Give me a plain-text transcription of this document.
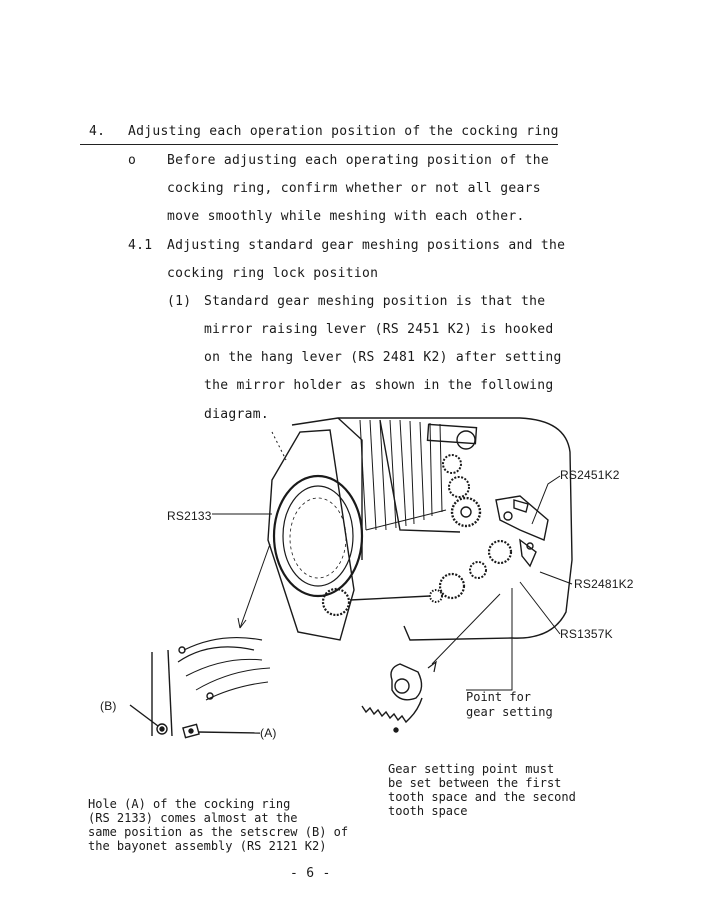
4. Adjusting each operation position of the cocking ring
o Before adjusting each operating position of the
cocking ring, confirm whether or not all gears
move smoothly while meshing with each other.
4.1 Adjusting standard gear meshing positions and the
cocking ring lock position
(1) Standard gear meshing position is that the
mirror raising lever (RS 2451 K2) is hooked
on the hang lever (RS 2481 K2) after setting
the mirror holder as shown in the following
diagram.
RS2133
RS2451K2
RS2481K2
RS1357K
(B)
(A)
Point for
gear setting
Gear setting point must
be set between the first
tooth space and the second
tooth space
Hole (A) of the cocking ring
(RS 2133) comes almost at the
same position as the setscrew (B) of
the bayonet assembly (RS 2121 K2)
- 6 -
